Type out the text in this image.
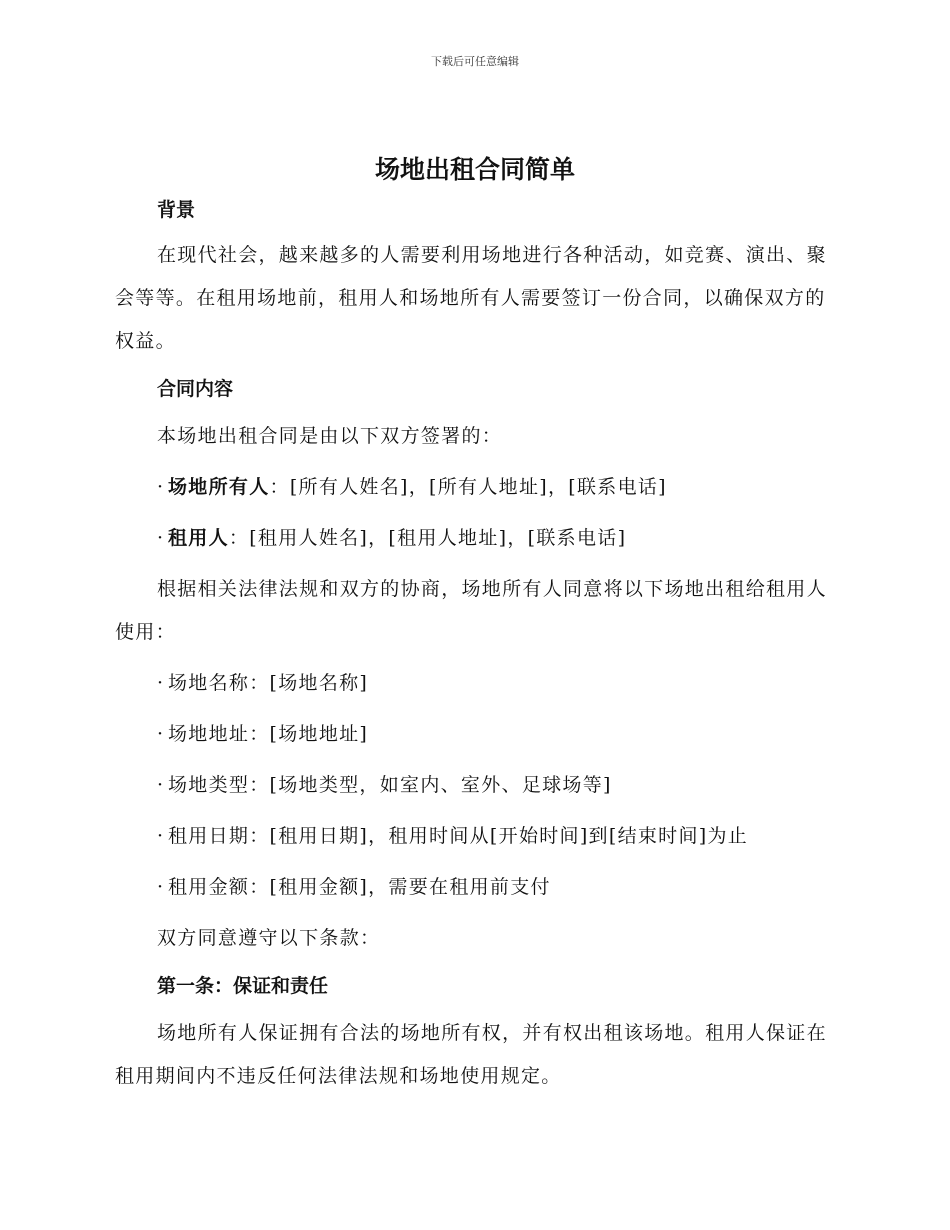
下载后可任意编辑
场地出租合同简单
背景

在现代社会，越来越多的人需要利用场地进行各种活动，如竞赛、演出、聚会等等。在租用场地前，租用人和场地所有人需要签订一份合同，以确保双方的权益。

合同内容

本场地出租合同是由以下双方签署的：

· 场地所有人：[所有人姓名]，[所有人地址]，[联系电话]

· 租用人：[租用人姓名]，[租用人地址]，[联系电话]

根据相关法律法规和双方的协商，场地所有人同意将以下场地出租给租用人使用：

· 场地名称：[场地名称]

· 场地地址：[场地地址]

· 场地类型：[场地类型，如室内、室外、足球场等]

· 租用日期：[租用日期]，租用时间从[开始时间]到[结束时间]为止

· 租用金额：[租用金额]，需要在租用前支付

双方同意遵守以下条款：

第一条：保证和责任

场地所有人保证拥有合法的场地所有权，并有权出租该场地。租用人保证在租用期间内不违反任何法律法规和场地使用规定。
